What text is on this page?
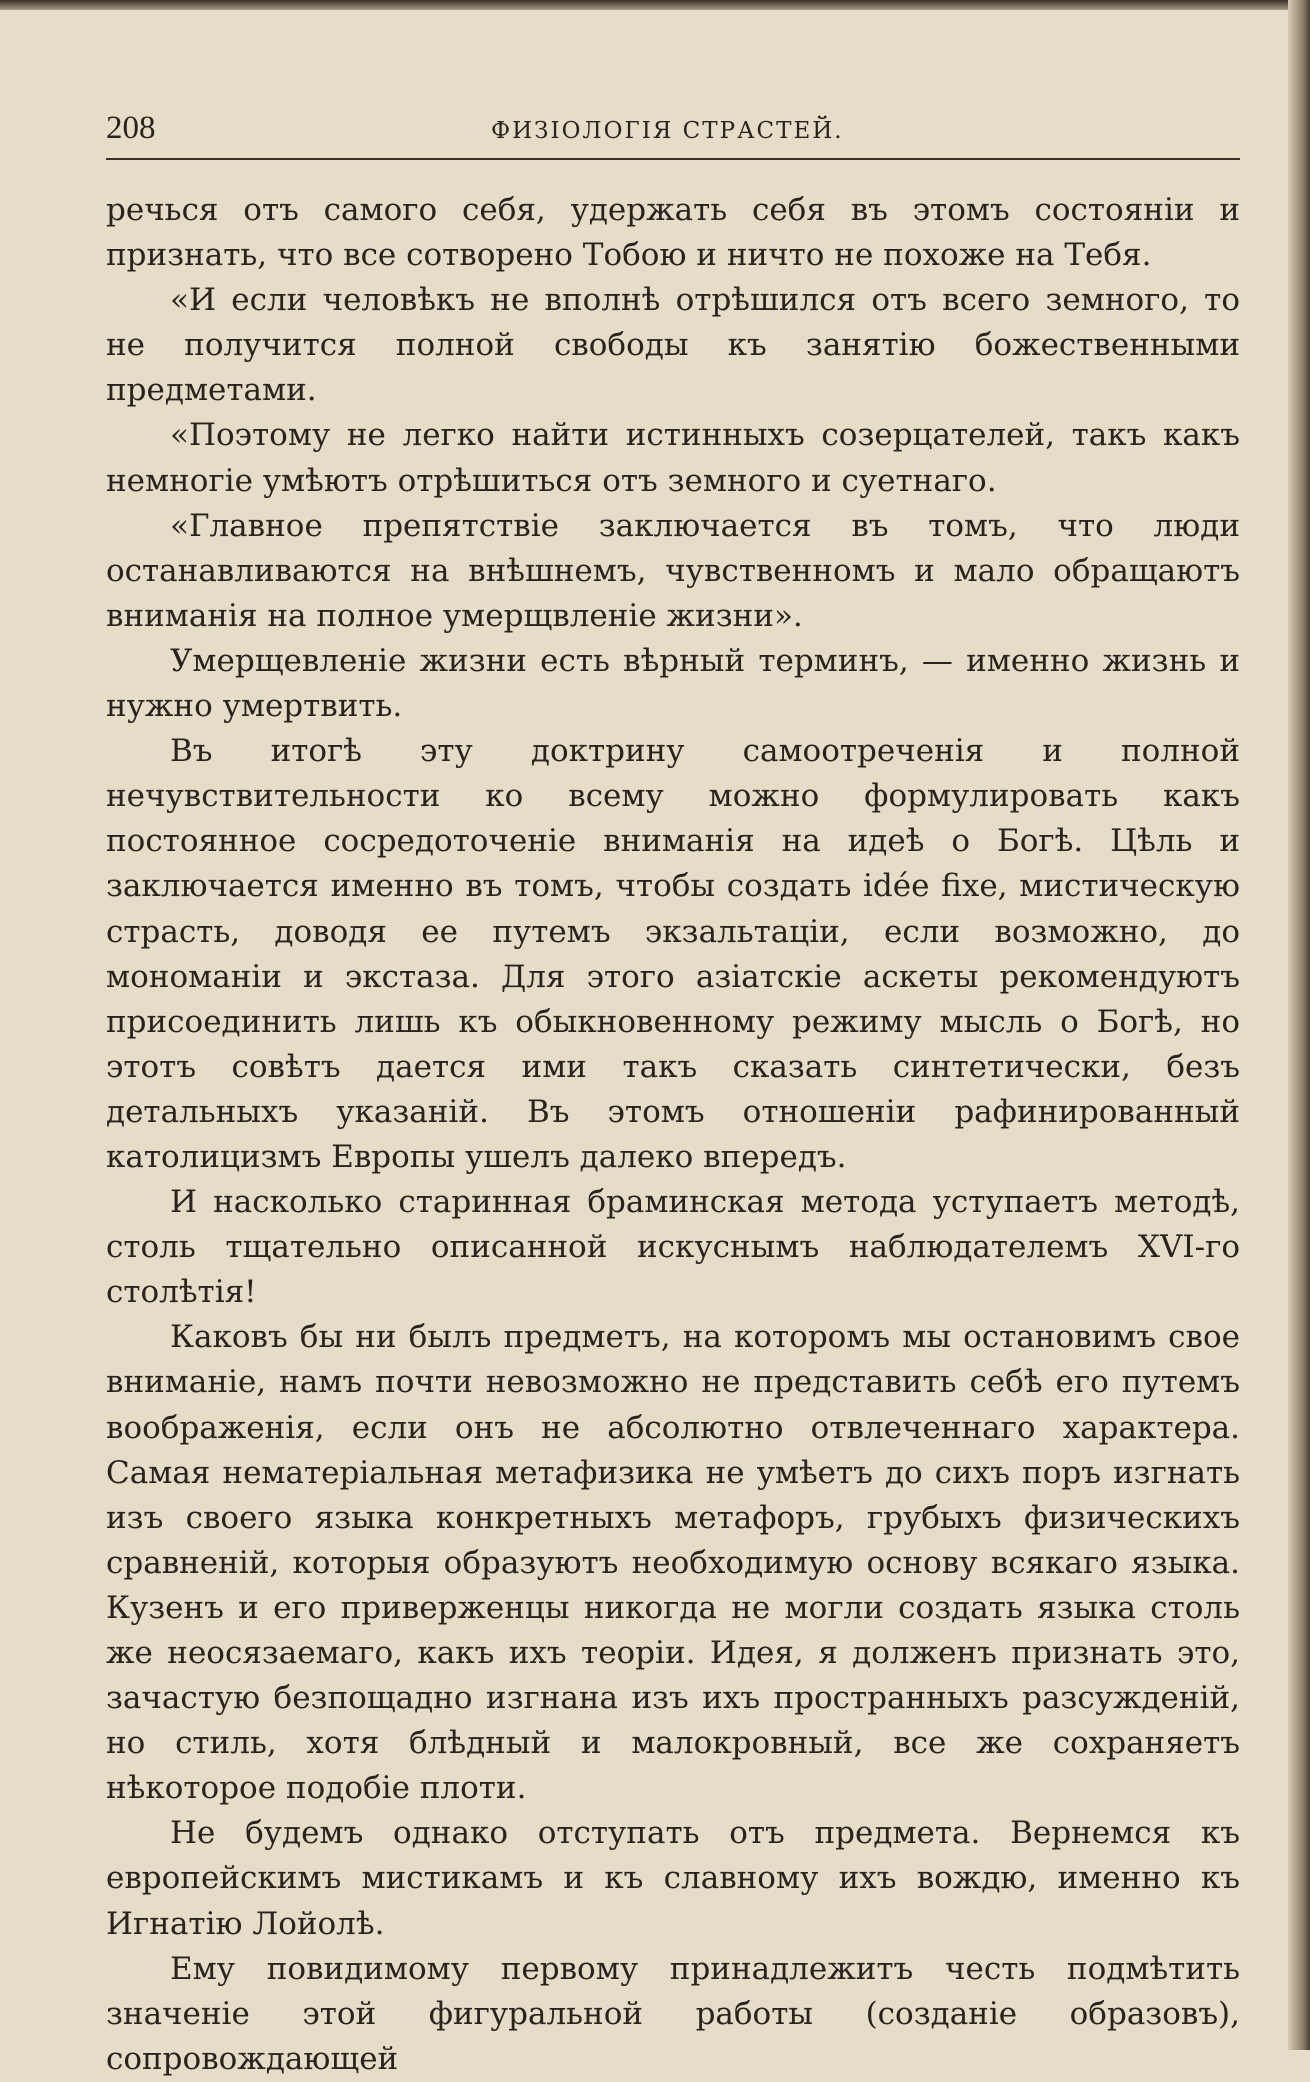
208	ФИЗІОЛОГІЯ СТРАСТЕЙ.

речься отъ самого себя, удержать себя въ этомъ состояніи и признать, что все сотворено Тобою и ничто не похоже на Тебя.

«И если человѣкъ не вполнѣ отрѣшился отъ всего земного, то не получится полной свободы къ занятію божественными предметами.

«Поэтому не легко найти истинныхъ созерцателей, такъ какъ немногіе умѣютъ отрѣшиться отъ земного и суетнаго.

«Главное препятствіе заключается въ томъ, что люди останавливаются на внѣшнемъ, чувственномъ и мало обращаютъ вниманія на полное умерщвленіе жизни».

Умерщевленіе жизни есть вѣрный терминъ, — именно жизнь и нужно умертвить.

Въ итогѣ эту доктрину самоотреченія и полной нечувствительности ко всему можно формулировать какъ постоянное сосредоточеніе вниманія на идеѣ о Богѣ. Цѣль и заключается именно въ томъ, чтобы создать idée fixe, мистическую страсть, доводя ее путемъ экзальтаціи, если возможно, до мономаніи и экстаза. Для этого азіатскіе аскеты рекомендуютъ присоединить лишь къ обыкновенному режиму мысль о Богѣ, но этотъ совѣтъ дается ими такъ сказать синтетически, безъ детальныхъ указаній. Въ этомъ отношеніи рафинированный католицизмъ Европы ушелъ далеко впередъ.

И насколько старинная браминская метода уступаетъ методѣ, столь тщательно описанной искуснымъ наблюдателемъ XVI-го столѣтія!

Каковъ бы ни былъ предметъ, на которомъ мы остановимъ свое вниманіе, намъ почти невозможно не представить себѣ его путемъ воображенія, если онъ не абсолютно отвлеченнаго характера. Самая нематеріальная метафизика не умѣетъ до сихъ поръ изгнать изъ своего языка конкретныхъ метафоръ, грубыхъ физическихъ сравненій, которыя образуютъ необходимую основу всякаго языка. Кузенъ и его приверженцы никогда не могли создать языка столь же неосязаемаго, какъ ихъ теоріи. Идея, я долженъ признать это, зачастую безпощадно изгнана изъ ихъ пространныхъ разсужденій, но стиль, хотя блѣдный и малокровный, все же сохраняетъ нѣкоторое подобіе плоти.

Не будемъ однако отступать отъ предмета. Вернемся къ европейскимъ мистикамъ и къ славному ихъ вождю, именно къ Игнатію Лойолѣ.

Ему повидимому первому принадлежитъ честь подмѣтить значеніе этой фигуральной работы (созданіе образовъ), сопровождающей
